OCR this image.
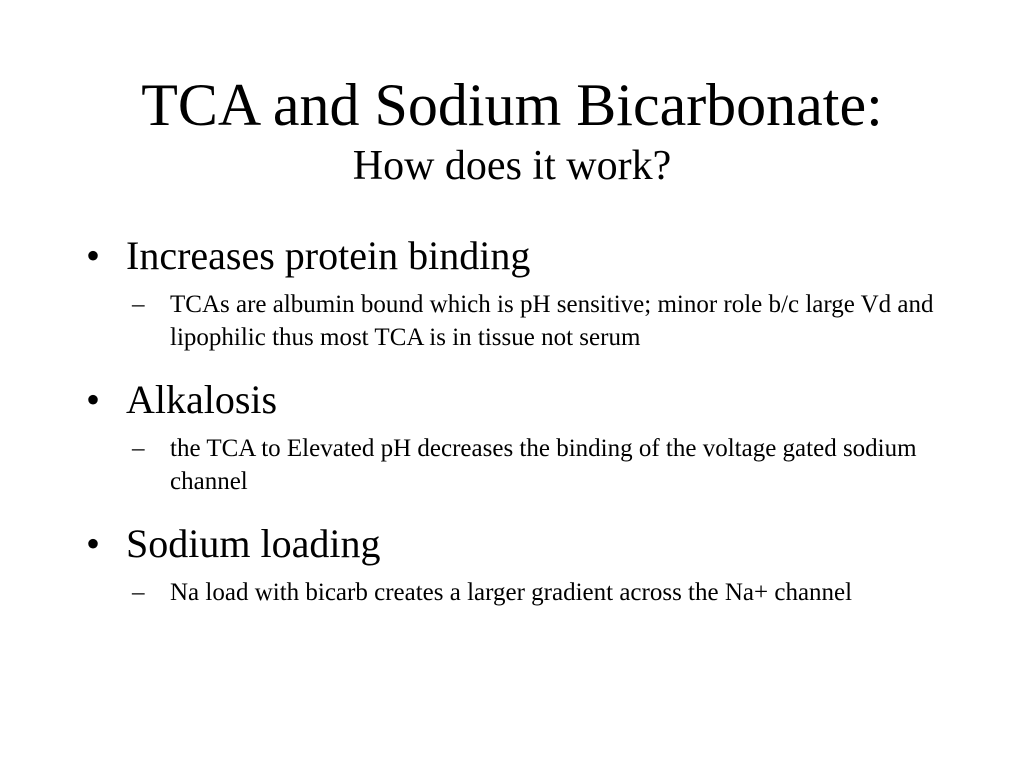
TCA and Sodium Bicarbonate:
How does it work?
• Increases protein binding
–	TCAs are albumin bound which is pH sensitive; minor role b/c large Vd and lipophilic thus most TCA is in tissue not serum
• Alkalosis
–	the TCA to Elevated pH decreases the binding of the voltage gated sodium channel
• Sodium loading
–	Na load with bicarb creates a larger gradient across the Na+ channel
